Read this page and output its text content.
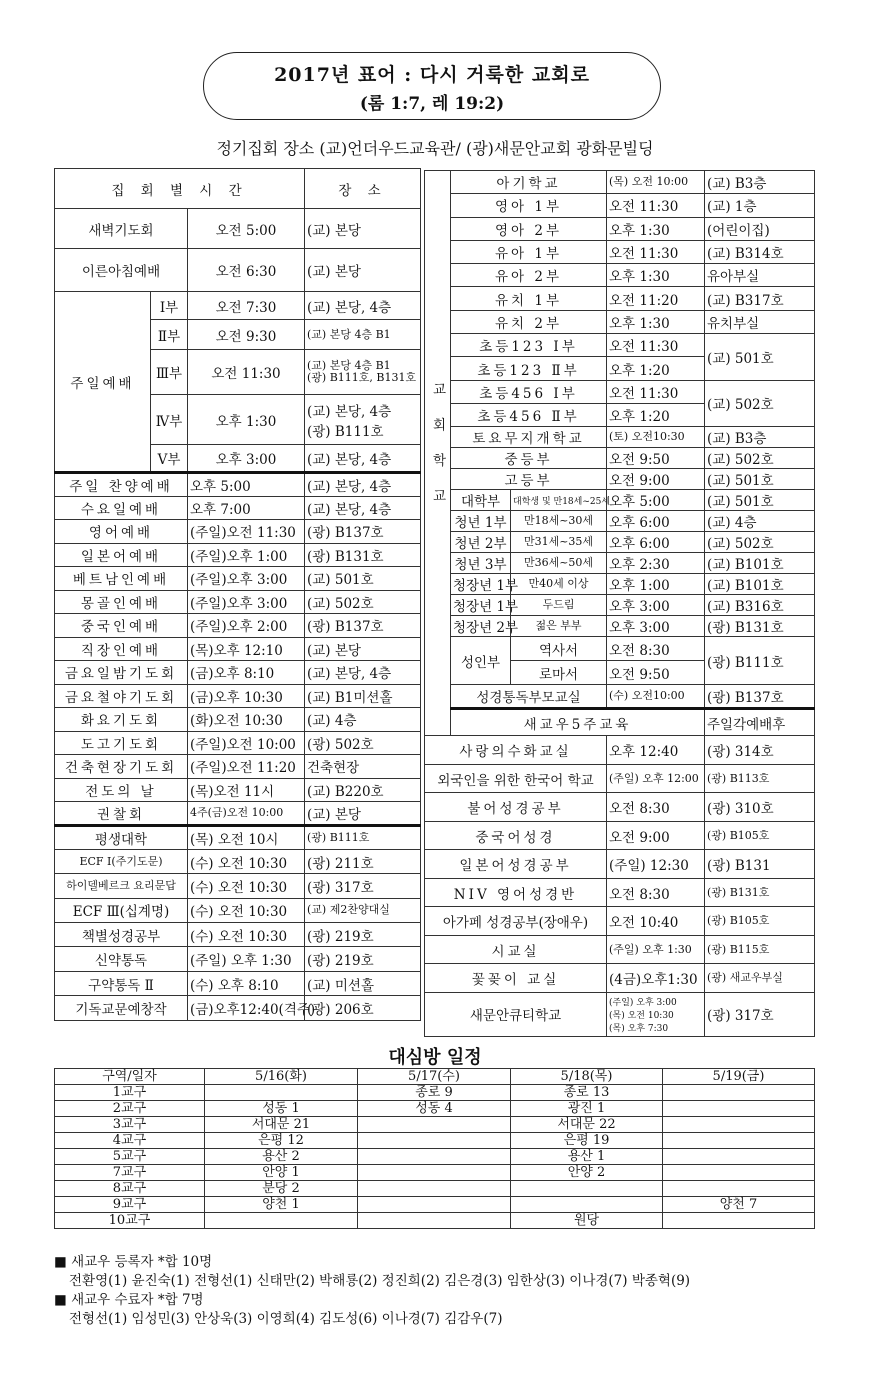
2017년 표어 : 다시 거룩한 교회로
(롬 1:7, 레 19:2)
정기집회 장소 (교)언더우드교육관/ (광)새문안교회 광화문빌딩
집 회 별 시 간			장 소
새벽기도회		오전 5:00	(교) 본당
이른아침예배		오전 6:30	(교) 본당
주일예배	Ⅰ부	오전 7:30	(교) 본당, 4층
	Ⅱ부	오전 9:30	(교) 본당 4층 B1
	Ⅲ부	오전 11:30	(교) 본당 4층 B1
(광) B111호, B131호

	Ⅳ부	오후 1:30	(교) 본당, 4층
(광) B111호

	Ⅴ부	오후 3:00	(교) 본당, 4층
주일 찬양예배		오후 5:00	(교) 본당, 4층
수요일예배		오후 7:00	(교) 본당, 4층
영어예배		(주일)오전 11:30	(광) B137호
일본어예배		(주일)오후 1:00	(광) B131호
베트남인예배		(주일)오후 3:00	(교) 501호
몽골인예배		(주일)오후 3:00	(교) 502호
중국인예배		(주일)오후 2:00	(광) B137호
직장인예배		(목)오후 12:10	(교) 본당
금요일밤기도회		(금)오후 8:10	(교) 본당, 4층
금요철야기도회		(금)오후 10:30	(교) B1미션홀
화요기도회		(화)오전 10:30	(교) 4층
도고기도회		(주일)오전 10:00	(광) 502호
건축현장기도회		(주일)오전 11:20	건축현장
전도의 날		(목)오전 11시	(교) B220호
권찰회		4주(금)오전 10:00	(교) 본당
평생대학		(목) 오전 10시	(광) B111호
ECF Ⅰ(주기도문)		(수) 오전 10:30	(광) 211호
하이델베르크 요리문답		(수) 오전 10:30	(광) 317호
ECF Ⅲ(십계명)		(수) 오전 10:30	(교) 제2찬양대실
책별성경공부		(수) 오전 10:30	(광) 219호
신약통독		(주일) 오후 1:30	(광) 219호
구약통독 Ⅱ		(수) 오후 8:10	(교) 미션홀
기독교문예창작		(금)오후12:40(격주)	(광) 206호
교회학교	아기학교		(목) 오전 10:00	(교) B3층	
	영아 1부		오전 11:30	(교) 1층	
	영아 2부		오후 1:30	(어린이집)	
	유아 1부		오전 11:30	(교) B314호	
	유아 2부		오후 1:30	유아부실	
	유치 1부		오전 11:20	(교) B317호	
	유치 2부		오후 1:30	유치부실	
	초등123 Ⅰ부		오전 11:30	(교) 501호	
	초등123 Ⅱ부		오후 1:20		
	초등456 Ⅰ부		오전 11:30	(교) 502호	
	초등456 Ⅱ부		오후 1:20		
	토요무지개학교		(토) 오전10:30	(교) B3층	
	중등부		오전 9:50	(교) 502호	
	고등부		오전 9:00	(교) 501호	
	대학부	대학생 및 만18세~25세	오후 5:00	(교) 501호	
	청년 1부	만18세~30세	오후 6:00	(교) 4층	
	청년 2부	만31세~35세	오후 6:00	(교) 502호	
	청년 3부	만36세~50세	오후 2:30	(교) B101호	
	청장년 1부	만40세 이상	오후 1:00	(교) B101호	
	청장년 1부	두드림	오후 3:00	(교) B316호	
	청장년 2부	젊은 부부	오후 3:00	(광) B131호	
	성인부	역사서	오전 8:30	(광) B111호	
		로마서	오전 9:50		
	성경통독부모교실		(수) 오전10:00	(광) B137호	
	새교우5주교육			주일각예배후	
사랑의수화교실			오후 12:40	(광) 314호	
외국인을 위한 한국어 학교			(주일) 오후 12:00	(광) B113호	
불어성경공부			오전 8:30	(광) 310호	
중국어성경			오전 9:00	(광) B105호	
일본어성경공부			(주일) 12:30	(광) B131	
NIV 영어성경반			오전 8:30	(광) B131호	
아가페 성경공부(장애우)			오전 10:40	(광) B105호	
시교실			(주일) 오후 1:30	(광) B115호	
꽃꽂이 교실			(4금)오후1:30	(광) 새교우부실	
새문안큐티학교			(주일) 오후 3:00
(목) 오전 10:30
(목) 오후 7:30	(광) 317호	
대심방 일정
구역/일자	5/16(화)	5/17(수)	5/18(목)	5/19(금)
1교구		종로 9	종로 13	
2교구	성동 1	성동 4	광진 1	
3교구	서대문 21		서대문 22	
4교구	은평 12		은평 19	
5교구	용산 2		용산 1	
7교구	안양 1		안양 2	
8교구	분당 2			
9교구	양천 1			양천 7
10교구			원당	
■ 새교우 등록자 *합 10명
전환영(1) 윤진숙(1) 전형선(1) 신태만(2) 박해룡(2) 정진희(2) 김은경(3) 임한상(3) 이나경(7) 박종혁(9)
■ 새교우 수료자 *합 7명
전형선(1) 임성민(3) 안상욱(3) 이영희(4) 김도성(6) 이나경(7) 김감우(7)
